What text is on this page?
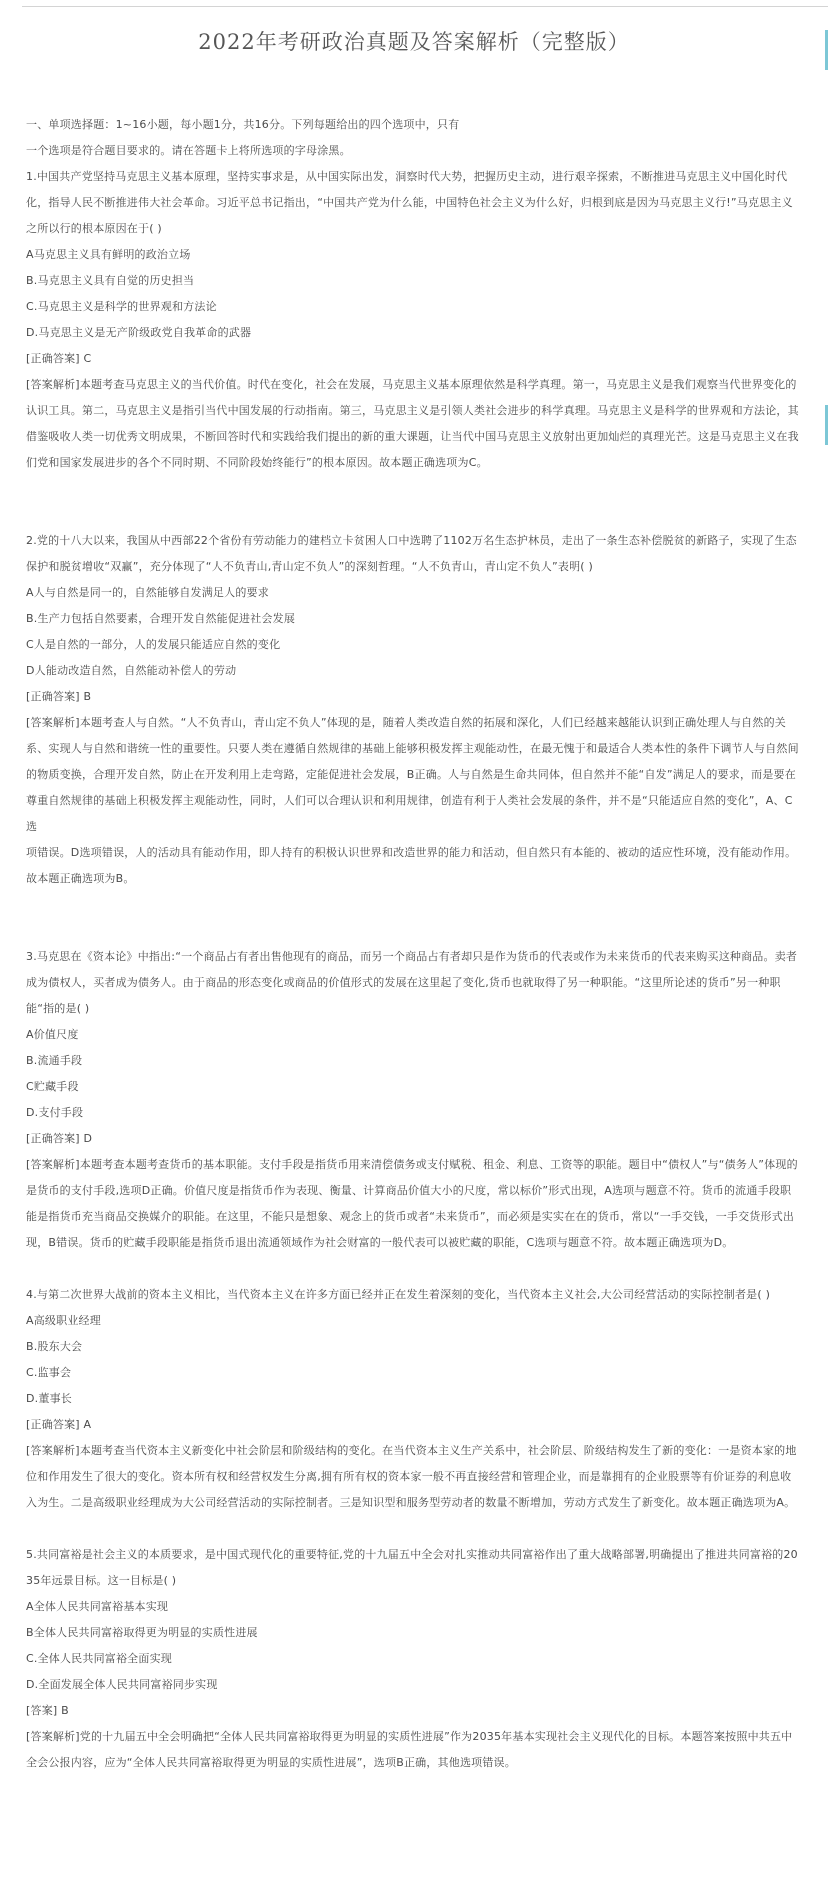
2022年考研政治真题及答案解析（完整版）

一、单项选择题：1~16小题，每小题1分，共16分。下列每题给出的四个选项中，只有

一个选项是符合题目要求的。请在答题卡上将所选项的字母涂黑。

1.中国共产党坚持马克思主义基本原理，坚持实事求是，从中国实际出发，洞察时代大势，把握历史主动，进行艰辛探索，不断推进马克思主义中国化时代化，指导人民不断推进伟大社会革命。习近平总书记指出，“中国共产党为什么能，中国特色社会主义为什么好，归根到底是因为马克思主义行!”马克思主义之所以行的根本原因在于( )

A马克思主义具有鲜明的政治立场

B.马克思主义具有自觉的历史担当

C.马克思主义是科学的世界观和方法论

D.马克思主义是无产阶级政党自我革命的武器

[正确答案] C

[答案解析]本题考查马克思主义的当代价值。时代在变化，社会在发展，马克思主义基本原理依然是科学真理。第一，马克思主义是我们观察当代世界变化的认识工具。第二，马克思主义是指引当代中国发展的行动指南。第三，马克思主义是引领人类社会进步的科学真理。马克思主义是科学的世界观和方法论，其借鉴吸收人类一切优秀文明成果，不断回答时代和实践给我们提出的新的重大课题，让当代中国马克思主义放射出更加灿烂的真理光芒。这是马克思主义在我们党和国家发展进步的各个不同时期、不同阶段始终能行”的根本原因。故本题正确选项为C。

2.党的十八大以来，我国从中西部22个省份有劳动能力的建档立卡贫困人口中选聘了1102万名生态护林员，走出了一条生态补偿脱贫的新路子，实现了生态保护和脱贫增收“双赢”，充分体现了“人不负青山,青山定不负人”的深刻哲理。“人不负青山，青山定不负人”表明( )

A人与自然是同一的，自然能够自发满足人的要求

B.生产力包括自然要素，合理开发自然能促进社会发展

C人是自然的一部分，人的发展只能适应自然的变化

D人能动改造自然，自然能动补偿人的劳动

[正确答案] B

[答案解析]本题考查人与自然。“人不负青山，青山定不负人”体现的是，随着人类改造自然的拓展和深化，人们已经越来越能认识到正确处理人与自然的关系、实现人与自然和谐统一性的重要性。只要人类在遵循自然规律的基础上能够积极发挥主观能动性，在最无愧于和最适合人类本性的条件下调节人与自然间的物质变换，合理开发自然，防止在开发利用上走弯路，定能促进社会发展，B正确。人与自然是生命共同体，但自然并不能“自发”满足人的要求，而是要在尊重自然规律的基础上积极发挥主观能动性，同时，人们可以合理认识和利用规律，创造有利于人类社会发展的条件，并不是“只能适应自然的变化”，A、C选

项错误。D选项错误，人的活动具有能动作用，即人持有的积极认识世界和改造世界的能力和活动，但自然只有本能的、被动的适应性环境，没有能动作用。故本题正确选项为B。

3.马克思在《资本论》中指出:“一个商品占有者出售他现有的商品，而另一个商品占有者却只是作为货币的代表或作为未来货币的代表来购买这种商品。卖者成为债权人，买者成为债务人。由于商品的形态变化或商品的价值形式的发展在这里起了变化,货币也就取得了另一种职能。“这里所论述的货币”另一种职能“指的是( )

A价值尺度

B.流通手段

C贮藏手段

D.支付手段

[正确答案] D

[答案解析]本题考查本题考查货币的基本职能。支付手段是指货币用来清偿债务或支付赋税、租金、利息、工资等的职能。题目中“债权人”与“债务人”体现的是货币的支付手段,选项D正确。价值尺度是指货币作为表现、衡量、计算商品价值大小的尺度，常以标价”形式出现，A选项与题意不符。货币的流通手段职能是指货币充当商品交换媒介的职能。在这里，不能只是想象、观念上的货币或者“未来货币”，而必须是实实在在的货币，常以“一手交钱，一手交货形式出现，B错误。货币的贮藏手段职能是指货币退出流通领域作为社会财富的一般代表可以被贮藏的职能，C选项与题意不符。故本题正确选项为D。

4.与第二次世界大战前的资本主义相比，当代资本主义在许多方面已经并正在发生着深刻的变化，当代资本主义社会,大公司经营活动的实际控制者是( )

A高级职业经理

B.股东大会

C.监事会

D.董事长

[正确答案] A

[答案解析]本题考查当代资本主义新变化中社会阶层和阶级结构的变化。在当代资本主义生产关系中，社会阶层、阶级结构发生了新的变化：一是资本家的地位和作用发生了很大的变化。资本所有权和经营权发生分离,拥有所有权的资本家一般不再直接经营和管理企业，而是靠拥有的企业股票等有价证券的利息收入为生。二是高级职业经理成为大公司经营活动的实际控制者。三是知识型和服务型劳动者的数量不断增加，劳动方式发生了新变化。故本题正确选项为A。

5.共同富裕是社会主义的本质要求，是中国式现代化的重要特征,党的十九届五中全会对扎实推动共同富裕作出了重大战略部署,明确提出了推进共同富裕的2035年远景目标。这一目标是( )

A全体人民共同富裕基本实现

B全体人民共同富裕取得更为明显的实质性进展

C.全体人民共同富裕全面实现

D.全面发展全体人民共同富裕同步实现

[答案] B

[答案解析]党的十九届五中全会明确把“全体人民共同富裕取得更为明显的实质性进展”作为2035年基本实现社会主义现代化的目标。本题答案按照中共五中全会公报内容，应为“全体人民共同富裕取得更为明显的实质性进展”，选项B正确，其他选项错误。
